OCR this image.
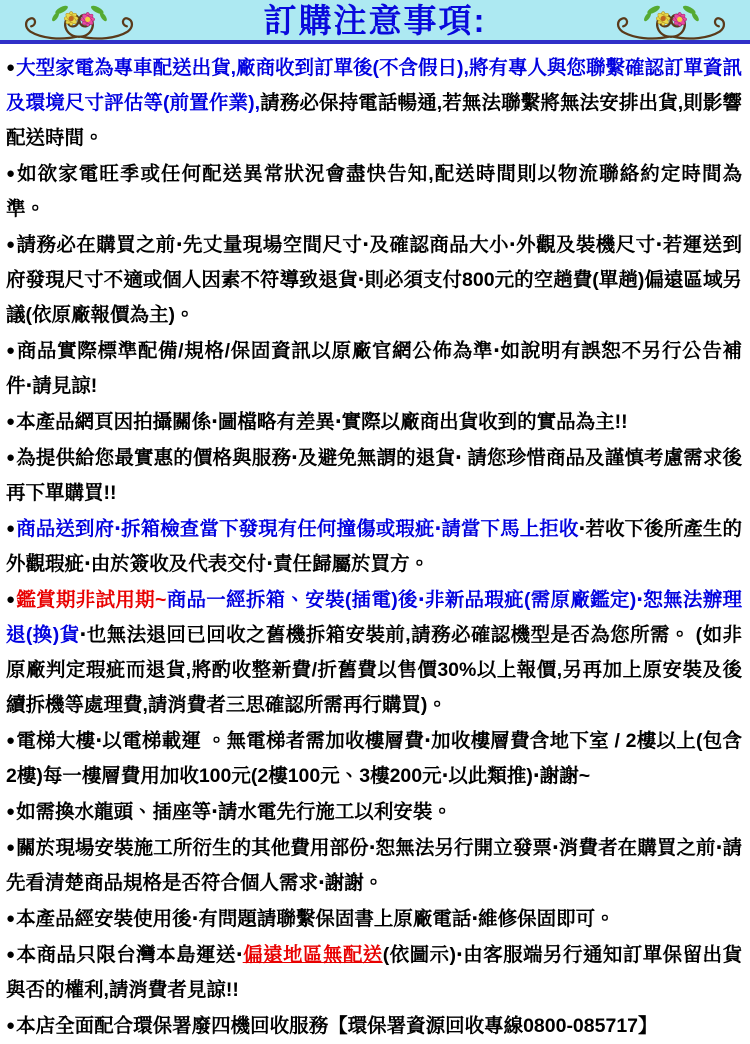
訂購注意事項:

●大型家電為專車配送出貨,廠商收到訂單後(不含假日),將有專人與您聯繫確認訂單資訊及環境尺寸評估等(前置作業),請務必保持電話暢通,若無法聯繫將無法安排出貨,則影響配送時間。

●如欲家電旺季或任何配送異常狀況會盡快告知,配送時間則以物流聯絡約定時間為準。

●請務必在購買之前‧先丈量現場空間尺寸‧及確認商品大小‧外觀及裝機尺寸‧若運送到府發現尺寸不適或個人因素不符導致退貨‧則必須支付800元的空趟費(單趟)偏遠區域另議(依原廠報價為主)。

●商品實際標準配備/規格/保固資訊以原廠官網公佈為準‧如說明有誤恕不另行公告補件‧請見諒!

●本產品網頁因拍攝關係‧圖檔略有差異‧實際以廠商出貨收到的實品為主!!

●為提供給您最實惠的價格與服務‧及避免無謂的退貨‧ 請您珍惜商品及謹慎考慮需求後再下單購買!!

●商品送到府‧拆箱檢查當下發現有任何撞傷或瑕疵‧請當下馬上拒收‧若收下後所產生的外觀瑕疵‧由於簽收及代表交付‧責任歸屬於買方。

●鑑賞期非試用期~商品一經拆箱、安裝(插電)後‧非新品瑕疵(需原廠鑑定)‧恕無法辦理退(換)貨‧也無法退回已回收之舊機拆箱安裝前,請務必確認機型是否為您所需。 (如非原廠判定瑕疵而退貨,將酌收整新費/折舊費以售價30%以上報價,另再加上原安裝及後續拆機等處理費,請消費者三思確認所需再行購買)。

●電梯大樓‧以電梯載運 。無電梯者需加收樓層費‧加收樓層費含地下室 / 2樓以上(包含2樓)每一樓層費用加收100元(2樓100元、3樓200元‧以此類推)‧謝謝~

●如需換水龍頭、插座等‧請水電先行施工以利安裝。

●關於現場安裝施工所衍生的其他費用部份‧恕無法另行開立發票‧消費者在購買之前‧請先看清楚商品規格是否符合個人需求‧謝謝。

●本產品經安裝使用後‧有問題請聯繫保固書上原廠電話‧維修保固即可。

●本商品只限台灣本島運送‧偏遠地區無配送(依圖示)‧由客服端另行通知訂單保留出貨與否的權利,請消費者見諒!!

●本店全面配合環保署廢四機回收服務【環保署資源回收專線0800-085717】
